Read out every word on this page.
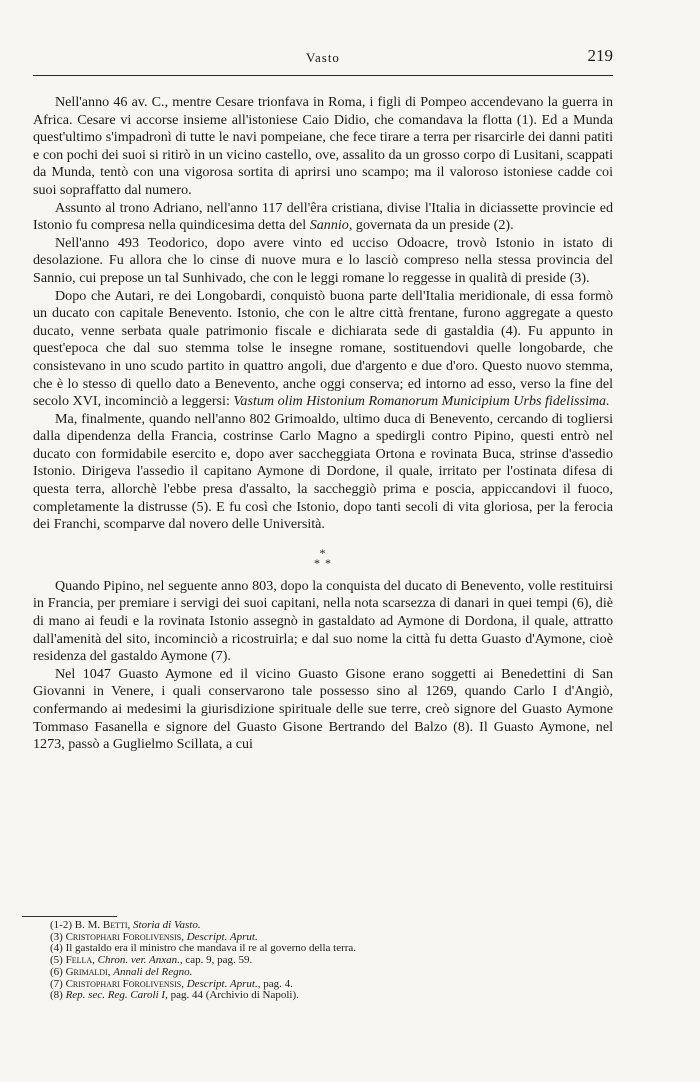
Vasto	219

Nell'anno 46 av. C., mentre Cesare trionfava in Roma, i figli di Pompeo accendevano la guerra in Africa. Cesare vi accorse insieme all'istoniese Caio Didio, che comandava la flotta (1). Ed a Munda quest'ultimo s'impadronì di tutte le navi pompeiane, che fece tirare a terra per risarcirle dei danni patiti e con pochi dei suoi si ritirò in un vicino castello, ove, assalito da un grosso corpo di Lusitani, scappati da Munda, tentò con una vigorosa sortita di aprirsi uno scampo; ma il valoroso istoniese cadde coi suoi sopraffatto dal numero.

Assunto al trono Adriano, nell'anno 117 dell'êra cristiana, divise l'Italia in diciassette provincie ed Istonio fu compresa nella quindicesima detta del Sannio, governata da un preside (2).

Nell'anno 493 Teodorico, dopo avere vinto ed ucciso Odoacre, trovò Istonio in istato di desolazione. Fu allora che lo cinse di nuove mura e lo lasciò compreso nella stessa provincia del Sannio, cui prepose un tal Sunhivado, che con le leggi romane lo reggesse in qualità di preside (3).

Dopo che Autari, re dei Longobardi, conquistò buona parte dell'Italia meridionale, di essa formò un ducato con capitale Benevento. Istonio, che con le altre città frentane, furono aggregate a questo ducato, venne serbata quale patrimonio fiscale e dichiarata sede di gastaldia (4). Fu appunto in quest'epoca che dal suo stemma tolse le insegne romane, sostituendovi quelle longobarde, che consistevano in uno scudo partito in quattro angoli, due d'argento e due d'oro. Questo nuovo stemma, che è lo stesso di quello dato a Benevento, anche oggi conserva; ed intorno ad esso, verso la fine del secolo XVI, incominciò a leggersi: Vastum olim Histonium Romanorum Municipium Urbs fidelissima.

Ma, finalmente, quando nell'anno 802 Grimoaldo, ultimo duca di Benevento, cercando di togliersi dalla dipendenza della Francia, costrinse Carlo Magno a spedirgli contro Pipino, questi entrò nel ducato con formidabile esercito e, dopo aver saccheggiata Ortona e rovinata Buca, strinse d'assedio Istonio. Dirigeva l'assedio il capitano Aymone di Dordone, il quale, irritato per l'ostinata difesa di questa terra, allorchè l'ebbe presa d'assalto, la saccheggiò prima e poscia, appiccandovi il fuoco, completamente la distrusse (5). E fu così che Istonio, dopo tanti secoli di vita gloriosa, per la ferocia dei Franchi, scomparve dal novero delle Università.

*
* *

Quando Pipino, nel seguente anno 803, dopo la conquista del ducato di Benevento, volle restituirsi in Francia, per premiare i servigi dei suoi capitani, nella nota scarsezza di danari in quei tempi (6), diè di mano ai feudi e la rovinata Istonio assegnò in gastaldato ad Aymone di Dordona, il quale, attratto dall'amenità del sito, incominciò a ricostruirla; e dal suo nome la città fu detta Guasto d'Aymone, cioè residenza del gastaldo Aymone (7).

Nel 1047 Guasto Aymone ed il vicino Guasto Gisone erano soggetti ai Benedettini di San Giovanni in Venere, i quali conservarono tale possesso sino al 1269, quando Carlo I d'Angiò, confermando ai medesimi la giurisdizione spirituale delle sue terre, creò signore del Guasto Aymone Tommaso Fasanella e signore del Guasto Gisone Bertrando del Balzo (8). Il Guasto Aymone, nel 1273, passò a Guglielmo Scillata, a cui

(1-2) B. M. Betti, Storia di Vasto.
(3) Cristophari Forolivensis, Descript. Aprut.
(4) Il gastaldo era il ministro che mandava il re al governo della terra.
(5) Fella, Chron. ver. Anxan., cap. 9, pag. 59.
(6) Grimaldi, Annali del Regno.
(7) Cristophari Forolivensis, Descript. Aprut., pag. 4.
(8) Rep. sec. Reg. Caroli I, pag. 44 (Archivio di Napoli).
